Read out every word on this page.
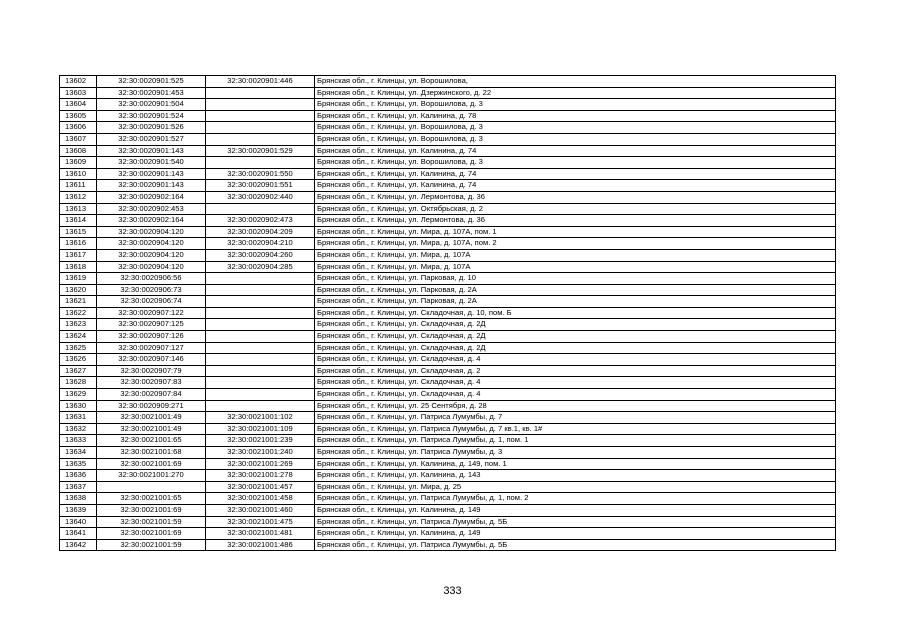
13602	32:30:0020901:525	32:30:0020901:446	Брянская обл., г. Клинцы, ул. Ворошилова,
13603	32:30:0020901:453		Брянская обл., г. Клинцы, ул. Дзержинского, д. 22
13604	32:30:0020901:504		Брянская обл., г. Клинцы, ул. Ворошилова, д. 3
13605	32:30:0020901:524		Брянская обл., г. Клинцы, ул. Калинина, д. 78
13606	32:30:0020901:526		Брянская обл., г. Клинцы, ул. Ворошилова, д. 3
13607	32:30:0020901:527		Брянская обл., г. Клинцы, ул. Ворошилова, д. 3
13608	32:30:0020901:143	32:30:0020901:529	Брянская обл., г. Клинцы, ул. Калинина, д. 74
13609	32:30:0020901:540		Брянская обл., г. Клинцы, ул. Ворошилова, д. 3
13610	32:30:0020901:143	32:30:0020901:550	Брянская обл., г. Клинцы, ул. Калинина, д. 74
13611	32:30:0020901:143	32:30:0020901:551	Брянская обл., г. Клинцы, ул. Калинина, д. 74
13612	32:30:0020902:164	32:30:0020902:440	Брянская обл., г. Клинцы, ул. Лермонтова, д. 36
13613	32:30:0020902:453		Брянская обл., г. Клинцы, ул. Октябрьская, д. 2
13614	32:30:0020902:164	32:30:0020902:473	Брянская обл., г. Клинцы, ул. Лермонтова, д. 36
13615	32:30:0020904:120	32:30:0020904:209	Брянская обл., г. Клинцы, ул. Мира, д. 107А, пом. 1
13616	32:30:0020904:120	32:30:0020904:210	Брянская обл., г. Клинцы, ул. Мира, д. 107А, пом. 2
13617	32:30:0020904:120	32:30:0020904:260	Брянская обл., г. Клинцы, ул. Мира, д. 107А
13618	32:30:0020904:120	32:30:0020904:285	Брянская обл., г. Клинцы, ул. Мира, д. 107А
13619	32:30:0020906:56		Брянская обл., г. Клинцы, ул. Парковая, д. 10
13620	32:30:0020906:73		Брянская обл., г. Клинцы, ул. Парковая, д. 2А
13621	32:30:0020906:74		Брянская обл., г. Клинцы, ул. Парковая, д. 2А
13622	32:30:0020907:122		Брянская обл., г. Клинцы, ул. Складочная, д. 10, пом. Б
13623	32:30:0020907:125		Брянская обл., г. Клинцы, ул. Складочная, д. 2Д
13624	32:30:0020907:126		Брянская обл., г. Клинцы, ул. Складочная, д. 2Д
13625	32:30:0020907:127		Брянская обл., г. Клинцы, ул. Складочная, д. 2Д
13626	32:30:0020907:146		Брянская обл., г. Клинцы, ул. Складочная, д. 4
13627	32:30:0020907:79		Брянская обл., г. Клинцы, ул. Складочная, д. 2
13628	32:30:0020907:83		Брянская обл., г. Клинцы, ул. Складочная, д. 4
13629	32:30:0020907:84		Брянская обл., г. Клинцы, ул. Складочная, д. 4
13630	32:30:0020909:271		Брянская обл., г. Клинцы, ул. 25 Сентября, д. 28
13631	32:30:0021001:49	32:30:0021001:102	Брянская обл., г. Клинцы, ул. Патриса Лумумбы, д. 7
13632	32:30:0021001:49	32:30:0021001:109	Брянская обл., г. Клинцы, ул. Патриса Лумумбы, д. 7 кв.1, кв. 1#
13633	32:30:0021001:65	32:30:0021001:239	Брянская обл., г. Клинцы, ул. Патриса Лумумбы, д. 1, пом. 1
13634	32:30:0021001:68	32:30:0021001:240	Брянская обл., г. Клинцы, ул. Патриса Лумумбы, д. 3
13635	32:30:0021001:69	32:30:0021001:269	Брянская обл., г. Клинцы, ул. Калинина, д. 149, пом. 1
13636	32:30:0021001:270	32:30:0021001:278	Брянская обл., г. Клинцы, ул. Калинина, д. 143
13637		32:30:0021001:457	Брянская обл., г. Клинцы, ул. Мира, д. 25
13638	32:30:0021001:65	32:30:0021001:458	Брянская обл., г. Клинцы, ул. Патриса Лумумбы, д. 1, пом. 2
13639	32:30:0021001:69	32:30:0021001:460	Брянская обл., г. Клинцы, ул. Калинина, д. 149
13640	32:30:0021001:59	32:30:0021001:475	Брянская обл., г. Клинцы, ул. Патриса Лумумбы, д. 5Б
13641	32:30:0021001:69	32:30:0021001:481	Брянская обл., г. Клинцы, ул. Калинина, д. 149
13642	32:30:0021001:59	32:30:0021001:486	Брянская обл., г. Клинцы, ул. Патриса Лумумбы, д. 5Б
333
